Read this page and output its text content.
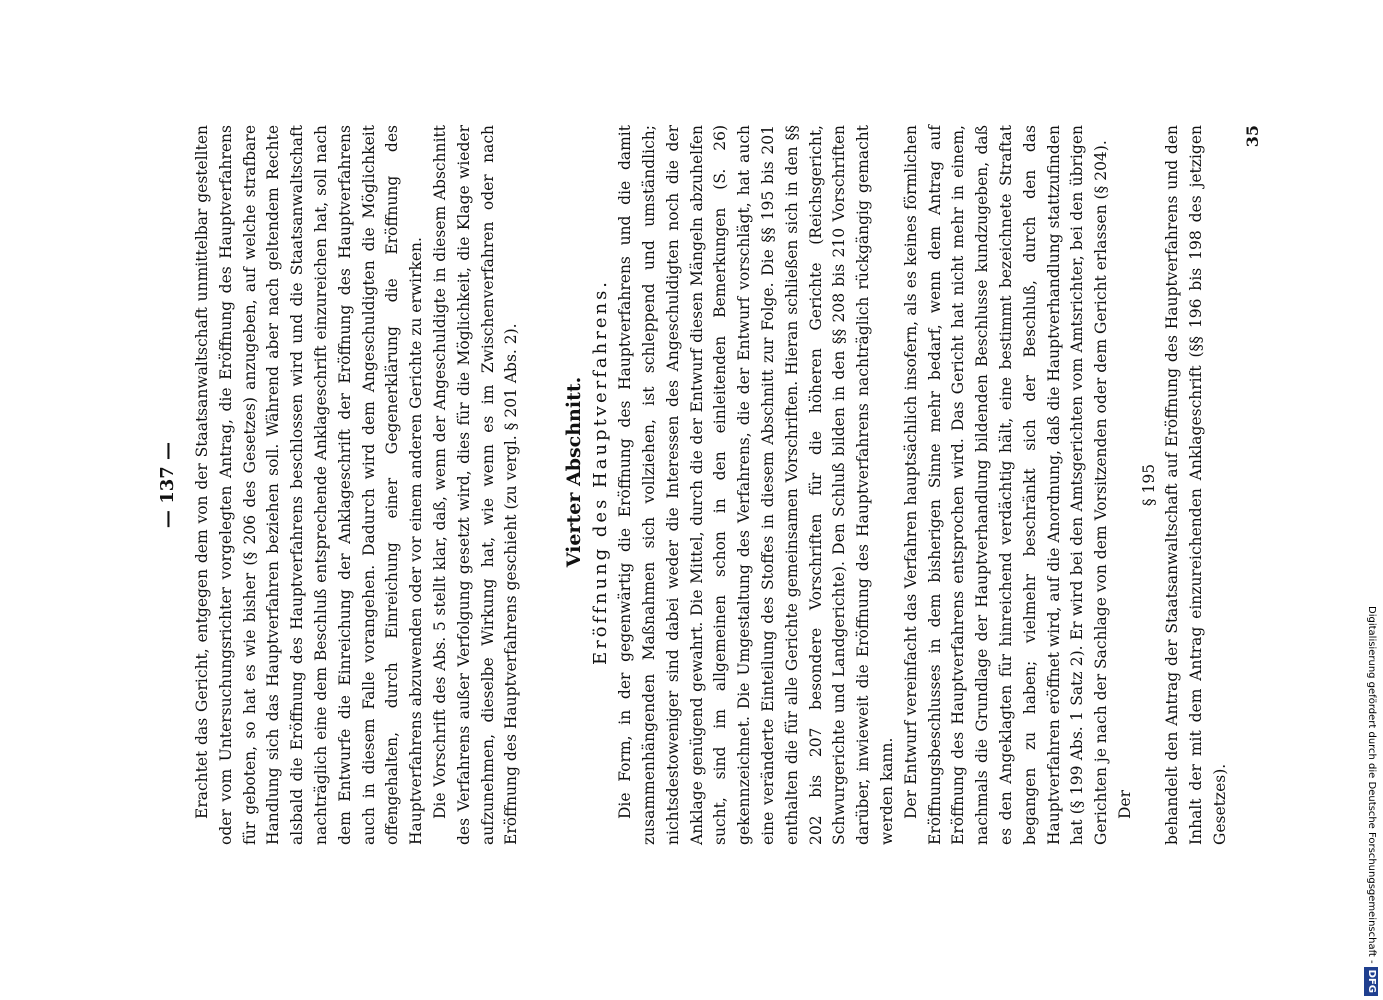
— 137 — Erachtet das Gericht, entgegen dem von der Staatsanwaltschaft unmittelbar gestellten oder vom Untersuchungsrichter vorgelegten Antrag, die Eröffnung des Hauptverfahrens für geboten, so hat es wie bisher (§ 206 des Gesetzes) anzugeben, auf welche strafbare Handlung sich das Hauptverfahren beziehen soll. Während aber nach geltendem Rechte alsbald die Eröffnung des Hauptverfahrens beschlossen wird und die Staatsanwaltschaft nachträglich eine dem Beschluß entsprechende Anklageschrift einzureichen hat, soll nach dem Entwurfe die Einreichung der Anklageschrift der Eröffnung des Hauptverfahrens auch in diesem Falle vorangehen. Dadurch wird dem Angeschuldigten die Möglichkeit offengehalten, durch Einreichung einer Gegenerklärung die Eröffnung des Hauptverfahrens abzuwenden oder vor einem anderen Gerichte zu erwirken. Die Vorschrift des Abs. 5 stellt klar, daß, wenn der Angeschuldigte in diesem Abschnitt des Verfahrens außer Verfolgung gesetzt wird, dies für die Möglichkeit, die Klage wieder aufzunehmen, dieselbe Wirkung hat, wie wenn es im Zwischenverfahren oder nach Eröffnung des Hauptverfahrens geschieht (zu vergl. § 201 Abs. 2). Vierter Abschnitt. Eröffnung des Hauptverfahrens. Die Form, in der gegenwärtig die Eröffnung des Hauptverfahrens und die damit zusammenhängenden Maßnahmen sich vollziehen, ist schleppend und umständlich; nichtsdestoweniger sind dabei weder die Interessen des Angeschuldigten noch die der Anklage genügend gewahrt. Die Mittel, durch die der Entwurf diesen Mängeln abzuhelfen sucht, sind im allgemeinen schon in den einleitenden Bemerkungen (S. 26) gekennzeichnet. Die Umgestaltung des Verfahrens, die der Entwurf vorschlägt, hat auch eine veränderte Einteilung des Stoffes in diesem Abschnitt zur Folge. Die §§ 195 bis 201 enthalten die für alle Gerichte gemeinsamen Vorschriften. Hieran schließen sich in den §§ 202 bis 207 besondere Vorschriften für die höheren Gerichte (Reichsgericht, Schwurgerichte und Landgerichte). Den Schluß bilden in den §§ 208 bis 210 Vorschriften darüber, inwieweit die Eröffnung des Hauptverfahrens nachträglich rückgängig gemacht werden kann. Der Entwurf vereinfacht das Verfahren hauptsächlich insofern, als es keines förmlichen Eröffnungsbeschlusses in dem bisherigen Sinne mehr bedarf, wenn dem Antrag auf Eröffnung des Hauptverfahrens entsprochen wird. Das Gericht hat nicht mehr in einem, nachmals die Grundlage der Hauptverhandlung bildenden Beschlusse kundzugeben, daß es den Angeklagten für hinreichend verdächtig hält, eine bestimmt bezeichnete Straftat begangen zu haben; vielmehr beschränkt sich der Beschluß, durch den das Hauptverfahren eröffnet wird, auf die Anordnung, daß die Hauptverhandlung stattzufinden hat (§ 199 Abs. 1 Satz 2). Er wird bei den Amtsgerichten vom Amtsrichter, bei den übrigen Gerichten je nach der Sachlage von dem Vorsitzenden oder dem Gericht erlassen (§ 204). Der

§ 195 behandelt den Antrag der Staatsanwaltschaft auf Eröffnung des Hauptverfahrens und den Inhalt der mit dem Antrag einzureichenden Anklageschrift (§§ 196 bis 198 des jetzigen Gesetzes).

35
Digitalisierung gefördert durch die Deutsche Forschungsgemeinschaft -DFG
